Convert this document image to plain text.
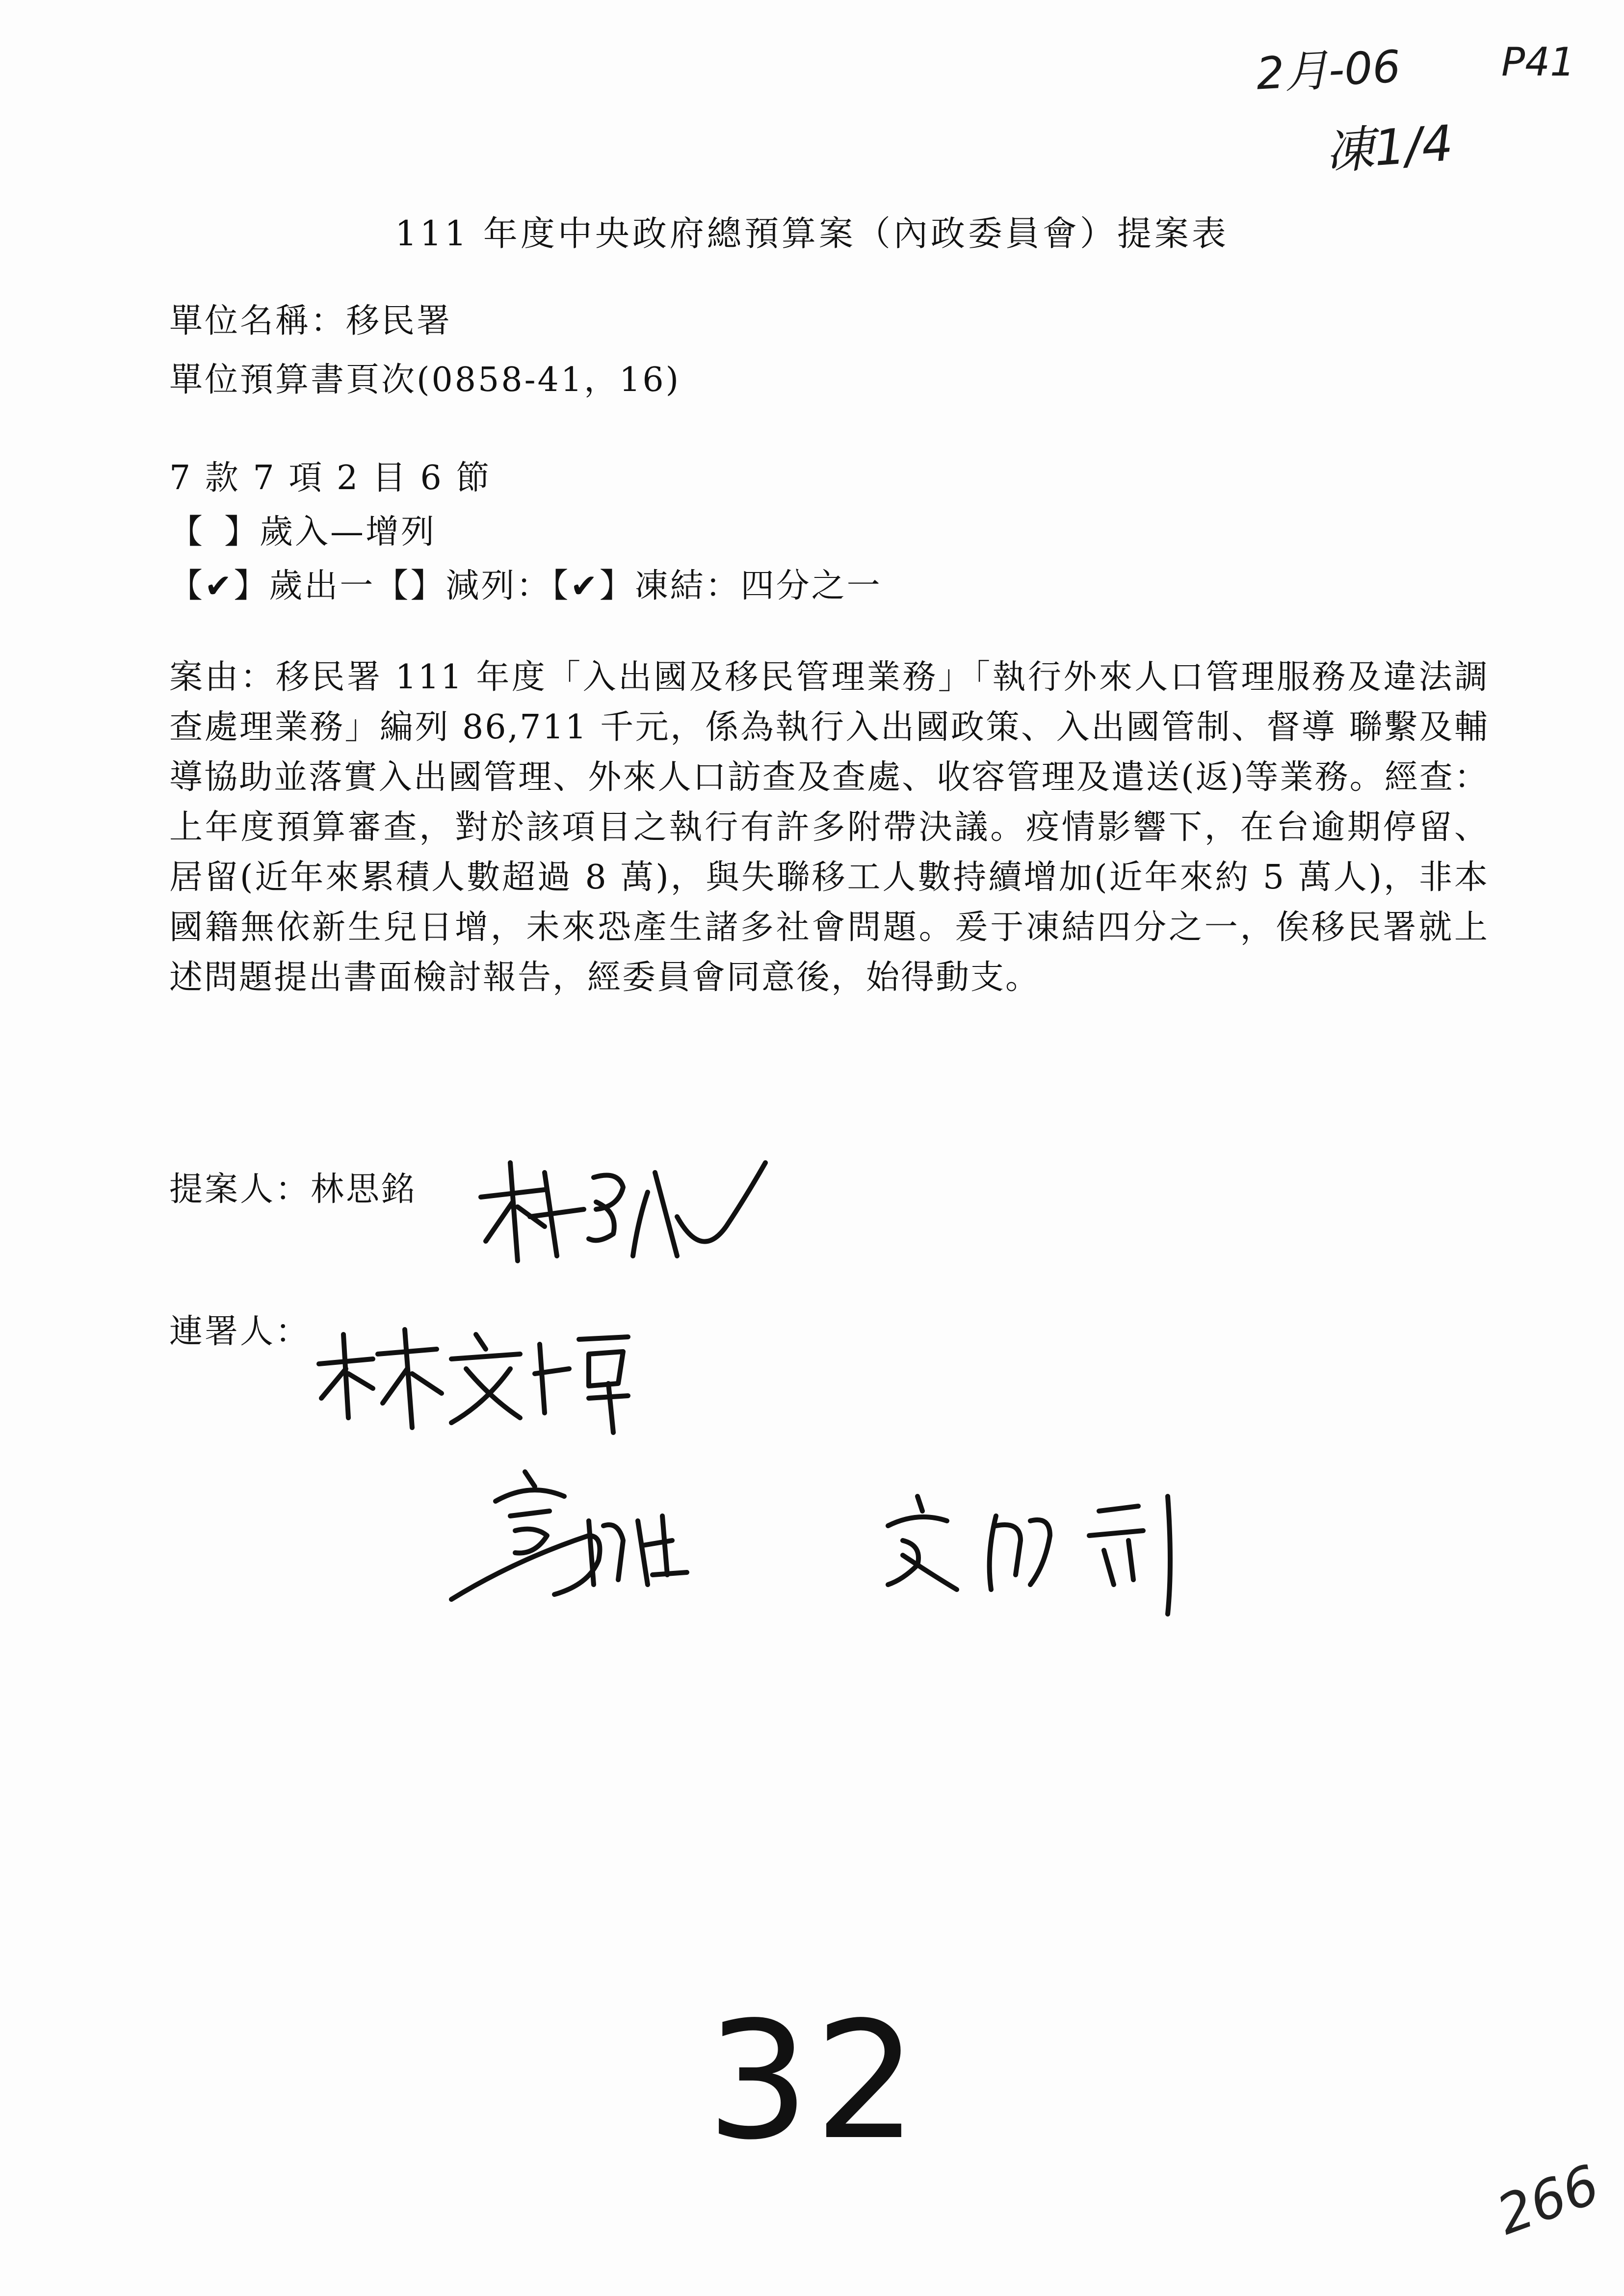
2月-06	P41
凍1/4
111 年度中央政府總預算案（內政委員會）提案表
單位名稱：移民署
單位預算書頁次(0858-41，16)
7 款 7 項 2 目 6 節
【 】歲入—增列
【✔】歲出一【】減列：【✔】凍結：四分之一
案由：移民署 111 年度「入出國及移民管理業務」「執行外來人口管理服務及違法調查處理業務」編列 86,711 千元，係為執行入出國政策、入出國管制、督導 聯繫及輔導協助並落實入出國管理、外來人口訪查及查處、收容管理及遣送(返)等業務。經查：上年度預算審查，對於該項目之執行有許多附帶決議。疫情影響下，在台逾期停留、居留(近年來累積人數超過 8 萬)，與失聯移工人數持續增加(近年來約 5 萬人)，非本國籍無依新生兒日增，未來恐產生諸多社會問題。爰于凍結四分之一，俟移民署就上述問題提出書面檢討報告，經委員會同意後，始得動支。
提案人：林思銘
連署人：
32
266
